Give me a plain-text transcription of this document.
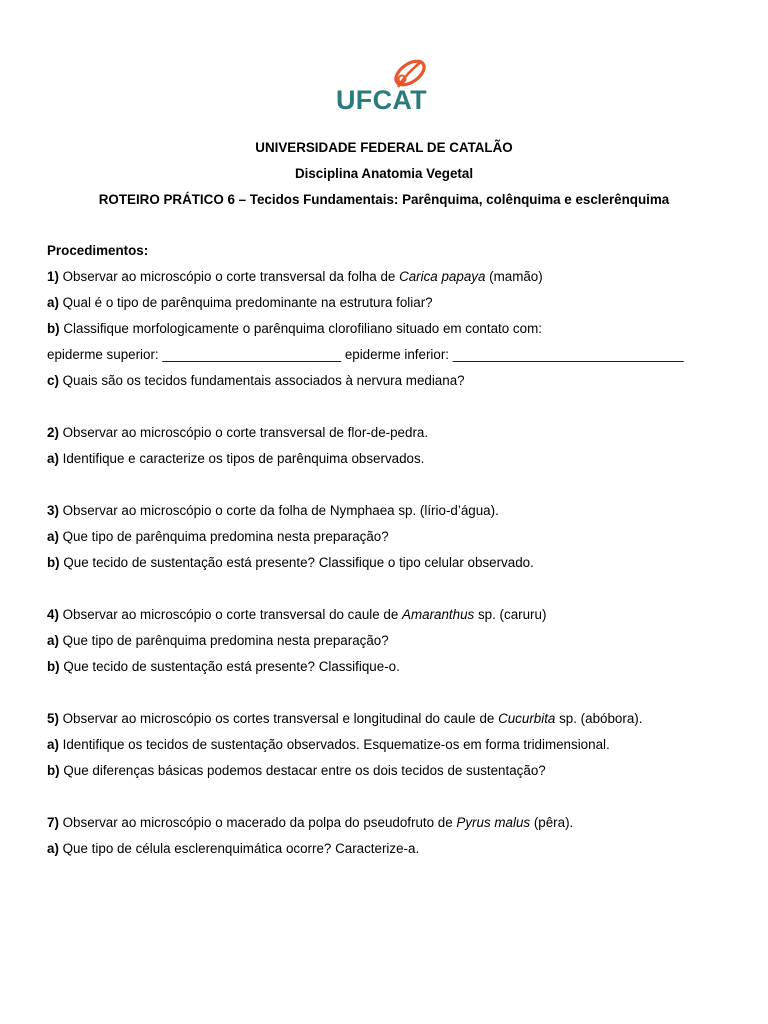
UFCAT
UNIVERSIDADE FEDERAL DE CATALÃO
Disciplina Anatomia Vegetal
ROTEIRO PRÁTICO 6 – Tecidos Fundamentais: Parênquima, colênquima e esclerênquima
Procedimentos:
1) Observar ao microscópio o corte transversal da folha de Carica papaya (mamão)
a) Qual é o tipo de parênquima predominante na estrutura foliar?
b) Classifique morfologicamente o parênquima clorofiliano situado em contato com:
epiderme superior: ________________________ epiderme inferior: _______________________________
c) Quais são os tecidos fundamentais associados à nervura mediana?
2) Observar ao microscópio o corte transversal de flor-de-pedra.
a) Identifique e caracterize os tipos de parênquima observados.
3) Observar ao microscópio o corte da folha de Nymphaea sp. (lírio-d’água).
a) Que tipo de parênquima predomina nesta preparação?
b) Que tecido de sustentação está presente? Classifique o tipo celular observado.
4) Observar ao microscópio o corte transversal do caule de Amaranthus sp. (caruru)
a) Que tipo de parênquima predomina nesta preparação?
b) Que tecido de sustentação está presente? Classifique-o.
5) Observar ao microscópio os cortes transversal e longitudinal do caule de Cucurbita sp. (abóbora).
a) Identifique os tecidos de sustentação observados. Esquematize-os em forma tridimensional.
b) Que diferenças básicas podemos destacar entre os dois tecidos de sustentação?
7) Observar ao microscópio o macerado da polpa do pseudofruto de Pyrus malus (pêra).
a) Que tipo de célula esclerenquimática ocorre? Caracterize-a.
